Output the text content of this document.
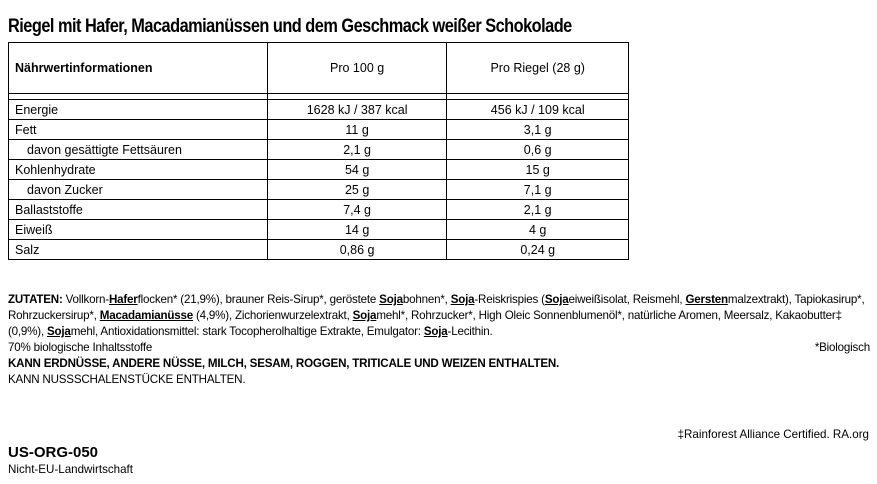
Riegel mit Hafer, Macadamianüssen und dem Geschmack weißer Schokolade
Nährwertinformationen	Pro 100 g	Pro Riegel (28 g)

Energie	1628 kJ / 387 kcal	456 kJ / 109 kcal
Fett	11 g	3,1 g
davon gesättigte Fettsäuren	2,1 g	0,6 g
Kohlenhydrate	54 g	15 g
davon Zucker	25 g	7,1 g
Ballaststoffe	7,4 g	2,1 g
Eiweiß	14 g	4 g
Salz	0,86 g	0,24 g

ZUTATEN: Vollkorn-Haferflocken* (21,9%), brauner Reis-Sirup*, geröstete Sojabohnen*, Soja-Reiskrispies (Sojaeiweißisolat, Reismehl, Gerstenmalzextrakt), Tapiokasirup*, Rohrzuckersirup*, Macadamianüsse (4,9%), Zichorienwurzelextrakt, Sojamehl*, Rohrzucker*, High Oleic Sonnenblumenöl*, natürliche Aromen, Meersalz, Kakaobutter‡ (0,9%), Sojamehl, Antioxidationsmittel: stark Tocopherolhaltige Extrakte, Emulgator: Soja-Lecithin.

70% biologische Inhaltsstoffe	*Biologisch

KANN ERDNÜSSE, ANDERE NÜSSE, MILCH, SESAM, ROGGEN, TRITICALE UND WEIZEN ENTHALTEN.

KANN NUSSSCHALENSTÜCKE ENTHALTEN.

‡Rainforest Alliance Certified. RA.org

US-ORG-050

Nicht-EU-Landwirtschaft
